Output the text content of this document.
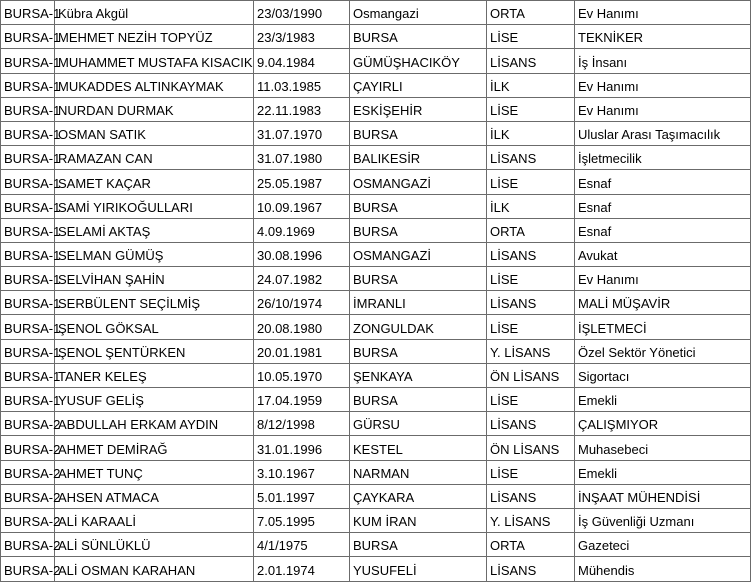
BURSA-1	Kübra Akgül	23/03/1990	Osmangazi	ORTA	Ev Hanımı
BURSA-1	MEHMET NEZİH TOPYÜZ	23/3/1983	BURSA	LİSE	TEKNİKER
BURSA-1	MUHAMMET MUSTAFA KISACIK	9.04.1984	GÜMÜŞHACIKÖY	LİSANS	İş İnsanı
BURSA-1	MUKADDES ALTINKAYMAK	11.03.1985	ÇAYIRLI	İLK	Ev Hanımı
BURSA-1	NURDAN DURMAK	22.11.1983	ESKİŞEHİR	LİSE	Ev Hanımı
BURSA-1	OSMAN SATIK	31.07.1970	BURSA	İLK	Uluslar Arası Taşımacılık
BURSA-1	RAMAZAN CAN	31.07.1980	BALIKESİR	LİSANS	İşletmecilik
BURSA-1	SAMET KAÇAR	25.05.1987	OSMANGAZİ	LİSE	Esnaf
BURSA-1	SAMİ YIRIKOĞULLARI	10.09.1967	BURSA	İLK	Esnaf
BURSA-1	SELAMİ AKTAŞ	4.09.1969	BURSA	ORTA	Esnaf
BURSA-1	SELMAN GÜMÜŞ	30.08.1996	OSMANGAZİ	LİSANS	Avukat
BURSA-1	SELVİHAN ŞAHİN	24.07.1982	BURSA	LİSE	Ev Hanımı
BURSA-1	SERBÜLENT SEÇİLMİŞ	26/10/1974	İMRANLI	LİSANS	MALİ MÜŞAVİR
BURSA-1	ŞENOL GÖKSAL	20.08.1980	ZONGULDAK	LİSE	İŞLETMECİ
BURSA-1	ŞENOL ŞENTÜRKEN	20.01.1981	BURSA	Y. LİSANS	Özel Sektör Yönetici
BURSA-1	TANER KELEŞ	10.05.1970	ŞENKAYA	ÖN LİSANS	Sigortacı
BURSA-1	YUSUF GELİŞ	17.04.1959	BURSA	LİSE	Emekli
BURSA-2	ABDULLAH ERKAM AYDIN	8/12/1998	GÜRSU	LİSANS	ÇALIŞMIYOR
BURSA-2	AHMET DEMİRAĞ	31.01.1996	KESTEL	ÖN LİSANS	Muhasebeci
BURSA-2	AHMET TUNÇ	3.10.1967	NARMAN	LİSE	Emekli
BURSA-2	AHSEN ATMACA	5.01.1997	ÇAYKARA	LİSANS	İNŞAAT MÜHENDİSİ
BURSA-2	ALİ KARAALİ	7.05.1995	KUM İRAN	Y. LİSANS	İş Güvenliği Uzmanı
BURSA-2	ALİ SÜNLÜKLÜ	4/1/1975	BURSA	ORTA	Gazeteci
BURSA-2	ALİ OSMAN KARAHAN	2.01.1974	YUSUFELİ	LİSANS	Mühendis
